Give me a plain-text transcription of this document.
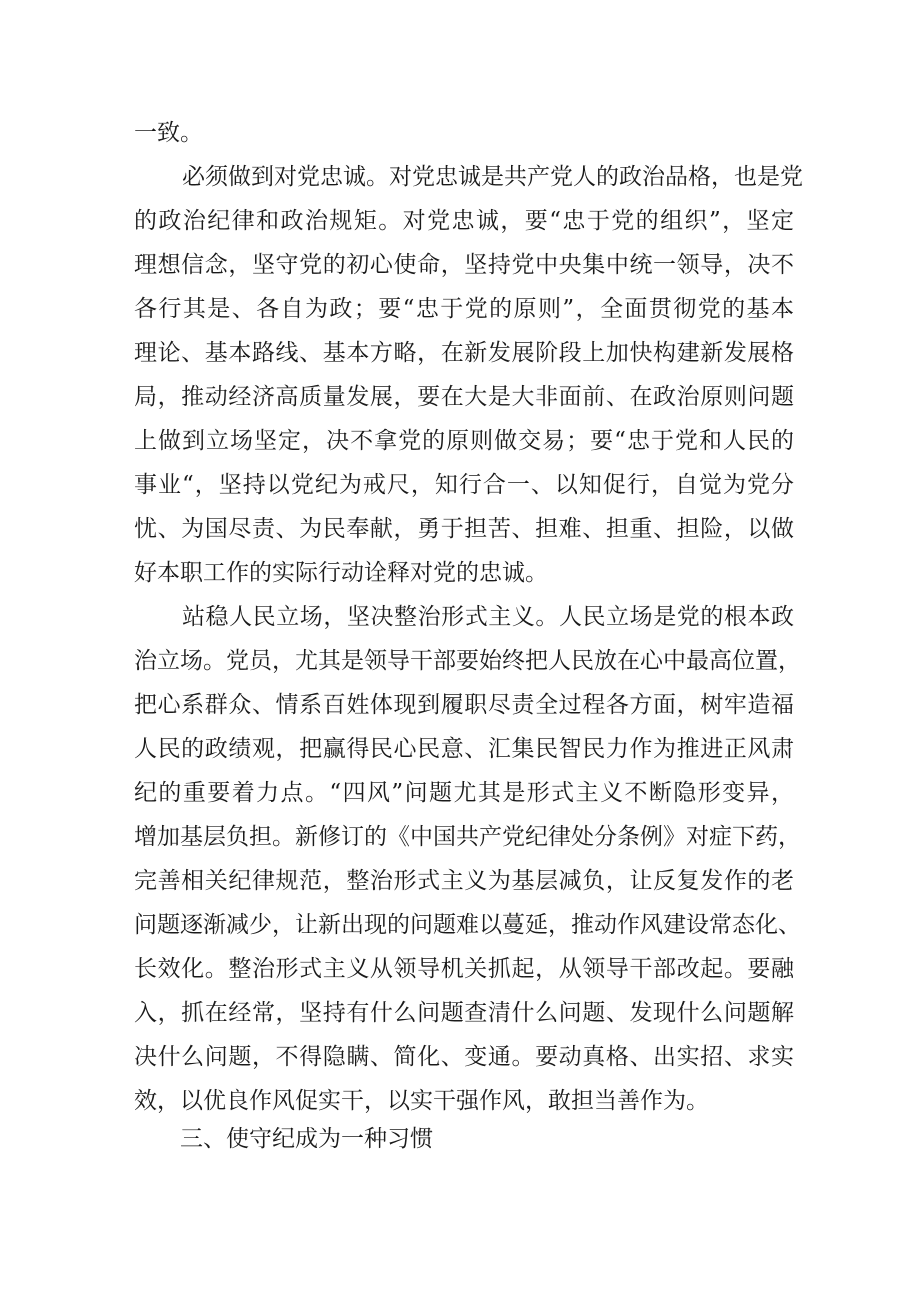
一致。
必须做到对党忠诚。对党忠诚是共产党人的政治品格，也是党
的政治纪律和政治规矩。对党忠诚，要“忠于党的组织”，坚定
理想信念，坚守党的初心使命，坚持党中央集中统一领导，决不
各行其是、各自为政；要“忠于党的原则”，全面贯彻党的基本
理论、基本路线、基本方略，在新发展阶段上加快构建新发展格
局，推动经济高质量发展，要在大是大非面前、在政治原则问题
上做到立场坚定，决不拿党的原则做交易；要“忠于党和人民的
事业“，坚持以党纪为戒尺，知行合一、以知促行，自觉为党分
忧、为国尽责、为民奉献，勇于担苦、担难、担重、担险，以做
好本职工作的实际行动诠释对党的忠诚。
站稳人民立场，坚决整治形式主义。人民立场是党的根本政
治立场。党员，尤其是领导干部要始终把人民放在心中最高位置，
把心系群众、情系百姓体现到履职尽责全过程各方面，树牢造福
人民的政绩观，把赢得民心民意、汇集民智民力作为推进正风肃
纪的重要着力点。“四风”问题尤其是形式主义不断隐形变异，
增加基层负担。新修订的《中国共产党纪律处分条例》对症下药，
完善相关纪律规范，整治形式主义为基层减负，让反复发作的老
问题逐渐减少，让新出现的问题难以蔓延，推动作风建设常态化、
长效化。整治形式主义从领导机关抓起，从领导干部改起。要融
入，抓在经常，坚持有什么问题查清什么问题、发现什么问题解
决什么问题，不得隐瞒、简化、变通。要动真格、出实招、求实
效，以优良作风促实干，以实干强作风，敢担当善作为。
三、使守纪成为一种习惯
